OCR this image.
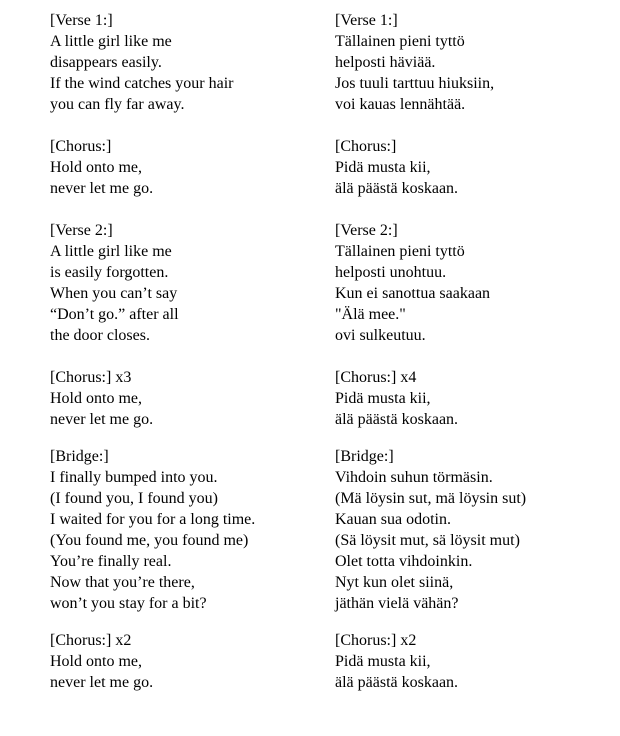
[Verse 1:]
A little girl like me
disappears easily.
If the wind catches your hair
you can fly far away.
[Chorus:]
Hold onto me,
never let me go.
[Verse 2:]
A little girl like me
is easily forgotten.
When you can’t say
“Don’t go.” after all
the door closes.
[Chorus:] x3
Hold onto me,
never let me go.
[Bridge:]
I finally bumped into you.
(I found you, I found you)
I waited for you for a long time.
(You found me, you found me)
You’re finally real.
Now that you’re there,
won’t you stay for a bit?
[Chorus:] x2
Hold onto me,
never let me go.
[Verse 1:]
Tällainen pieni tyttö
helposti häviää.
Jos tuuli tarttuu hiuksiin,
voi kauas lennähtää.
[Chorus:]
Pidä musta kii,
älä päästä koskaan.
[Verse 2:]
Tällainen pieni tyttö
helposti unohtuu.
Kun ei sanottua saakaan
"Älä mee."
ovi sulkeutuu.
[Chorus:] x4
Pidä musta kii,
älä päästä koskaan.
[Bridge:]
Vihdoin suhun törmäsin.
(Mä löysin sut, mä löysin sut)
Kauan sua odotin.
(Sä löysit mut, sä löysit mut)
Olet totta vihdoinkin.
Nyt kun olet siinä,
jäthän vielä vähän?
[Chorus:] x2
Pidä musta kii,
älä päästä koskaan.
